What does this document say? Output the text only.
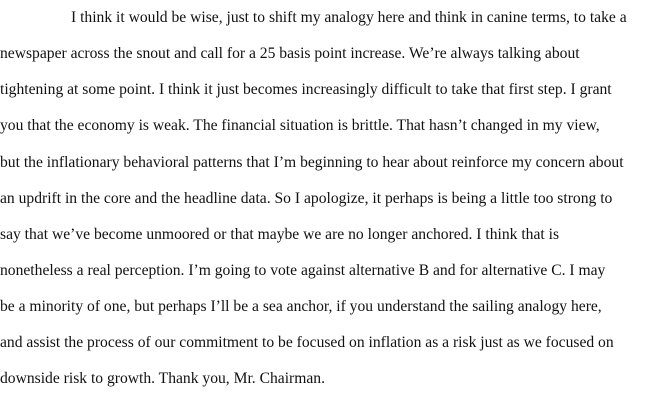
I think it would be wise, just to shift my analogy here and think in canine terms, to take a
newspaper across the snout and call for a 25 basis point increase. We’re always talking about
tightening at some point. I think it just becomes increasingly difficult to take that first step. I grant
you that the economy is weak. The financial situation is brittle. That hasn’t changed in my view,
but the inflationary behavioral patterns that I’m beginning to hear about reinforce my concern about
an updrift in the core and the headline data. So I apologize, it perhaps is being a little too strong to
say that we’ve become unmoored or that maybe we are no longer anchored. I think that is
nonetheless a real perception. I’m going to vote against alternative B and for alternative C. I may
be a minority of one, but perhaps I’ll be a sea anchor, if you understand the sailing analogy here,
and assist the process of our commitment to be focused on inflation as a risk just as we focused on
downside risk to growth. Thank you, Mr. Chairman.
